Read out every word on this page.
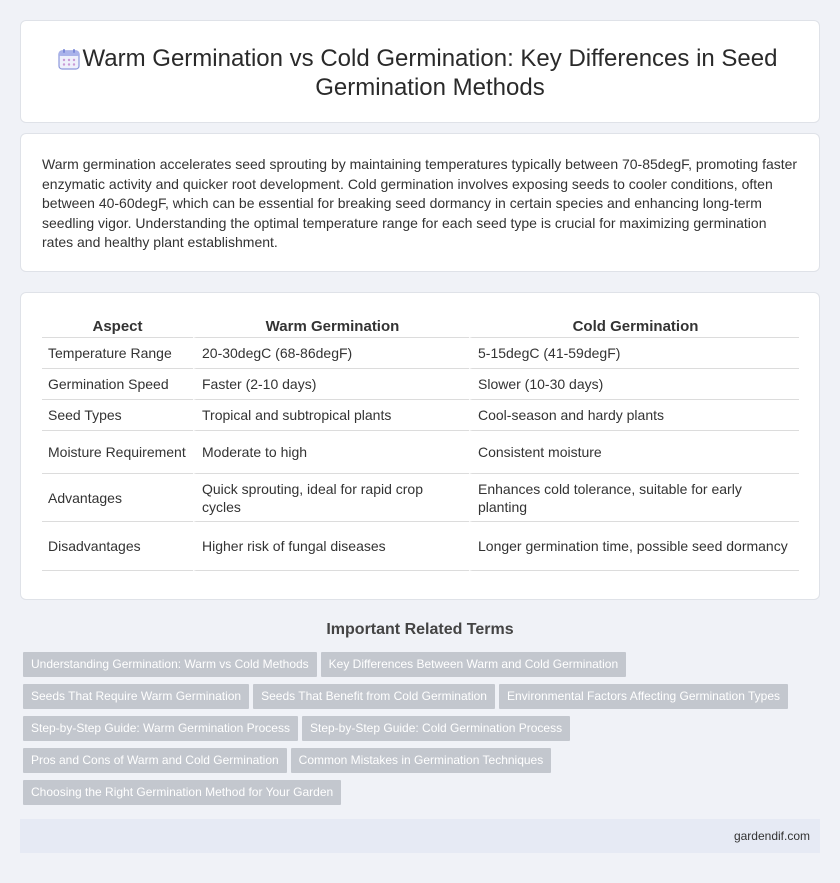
Warm Germination vs Cold Germination: Key Differences in Seed Germination Methods

Warm germination accelerates seed sprouting by maintaining temperatures typically between 70-85degF, promoting faster enzymatic activity and quicker root development. Cold germination involves exposing seeds to cooler conditions, often between 40-60degF, which can be essential for breaking seed dormancy in certain species and enhancing long-term seedling vigor. Understanding the optimal temperature range for each seed type is crucial for maximizing germination rates and healthy plant establishment.

Aspect	Warm Germination	Cold Germination
Temperature Range	20-30degC (68-86degF)	5-15degC (41-59degF)
Germination Speed	Faster (2-10 days)	Slower (10-30 days)
Seed Types	Tropical and subtropical plants	Cool-season and hardy plants
Moisture Requirement	Moderate to high	Consistent moisture
Advantages	Quick sprouting, ideal for rapid crop cycles	Enhances cold tolerance, suitable for early planting
Disadvantages	Higher risk of fungal diseases	Longer germination time, possible seed dormancy
Important Related Terms
Understanding Germination: Warm vs Cold Methods Key Differences Between Warm and Cold Germination
Seeds That Require Warm Germination Seeds That Benefit from Cold Germination Environmental Factors Affecting Germination Types
Step-by-Step Guide: Warm Germination Process Step-by-Step Guide: Cold Germination Process
Pros and Cons of Warm and Cold Germination Common Mistakes in Germination Techniques
Choosing the Right Germination Method for Your Garden
gardendif.com
